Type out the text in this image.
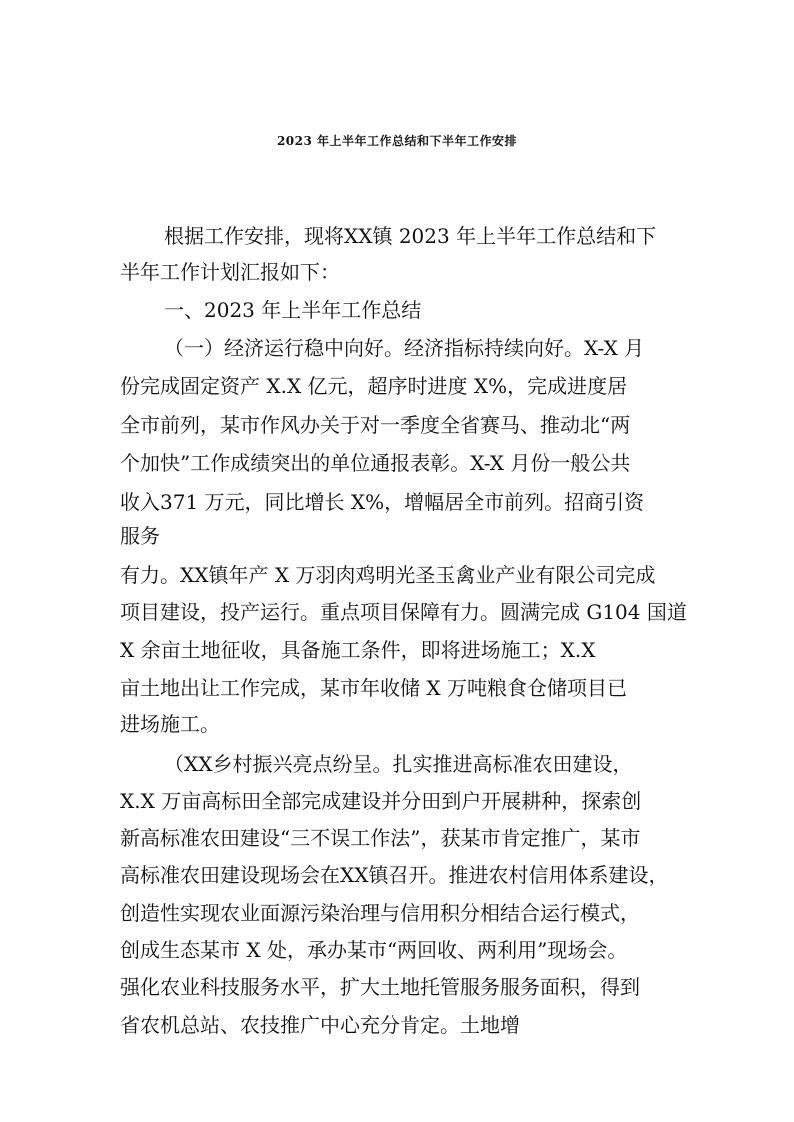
2023 年上半年工作总结和下半年工作安排
根据工作安排，现将XX镇 2023 年上半年工作总结和下
半年工作计划汇报如下：
一、2023 年上半年工作总结
（一）经济运行稳中向好。经济指标持续向好。X-X 月
份完成固定资产 X.X 亿元，超序时进度 X%，完成进度居
全市前列，某市作风办关于对一季度全省赛马、推动北“两
个加快”工作成绩突出的单位通报表彰。X-X 月份一般公共
收入371 万元，同比增长 X%，增幅居全市前列。招商引资
服务
有力。XX镇年产 X 万羽肉鸡明光圣玉禽业产业有限公司完成
项目建设，投产运行。重点项目保障有力。圆满完成 G104 国道
X 余亩土地征收，具备施工条件，即将进场施工；X.X
亩土地出让工作完成，某市年收储 X 万吨粮食仓储项目已
进场施工。
（XX乡村振兴亮点纷呈。扎实推进高标准农田建设，
X.X 万亩高标田全部完成建设并分田到户开展耕种，探索创
新高标准农田建设“三不误工作法”，获某市肯定推广，某市
高标准农田建设现场会在XX镇召开。推进农村信用体系建设，
创造性实现农业面源污染治理与信用积分相结合运行模式，
创成生态某市 X 处，承办某市“两回收、两利用”现场会。
强化农业科技服务水平，扩大土地托管服务服务面积，得到
省农机总站、农技推广中心充分肯定。土地增
